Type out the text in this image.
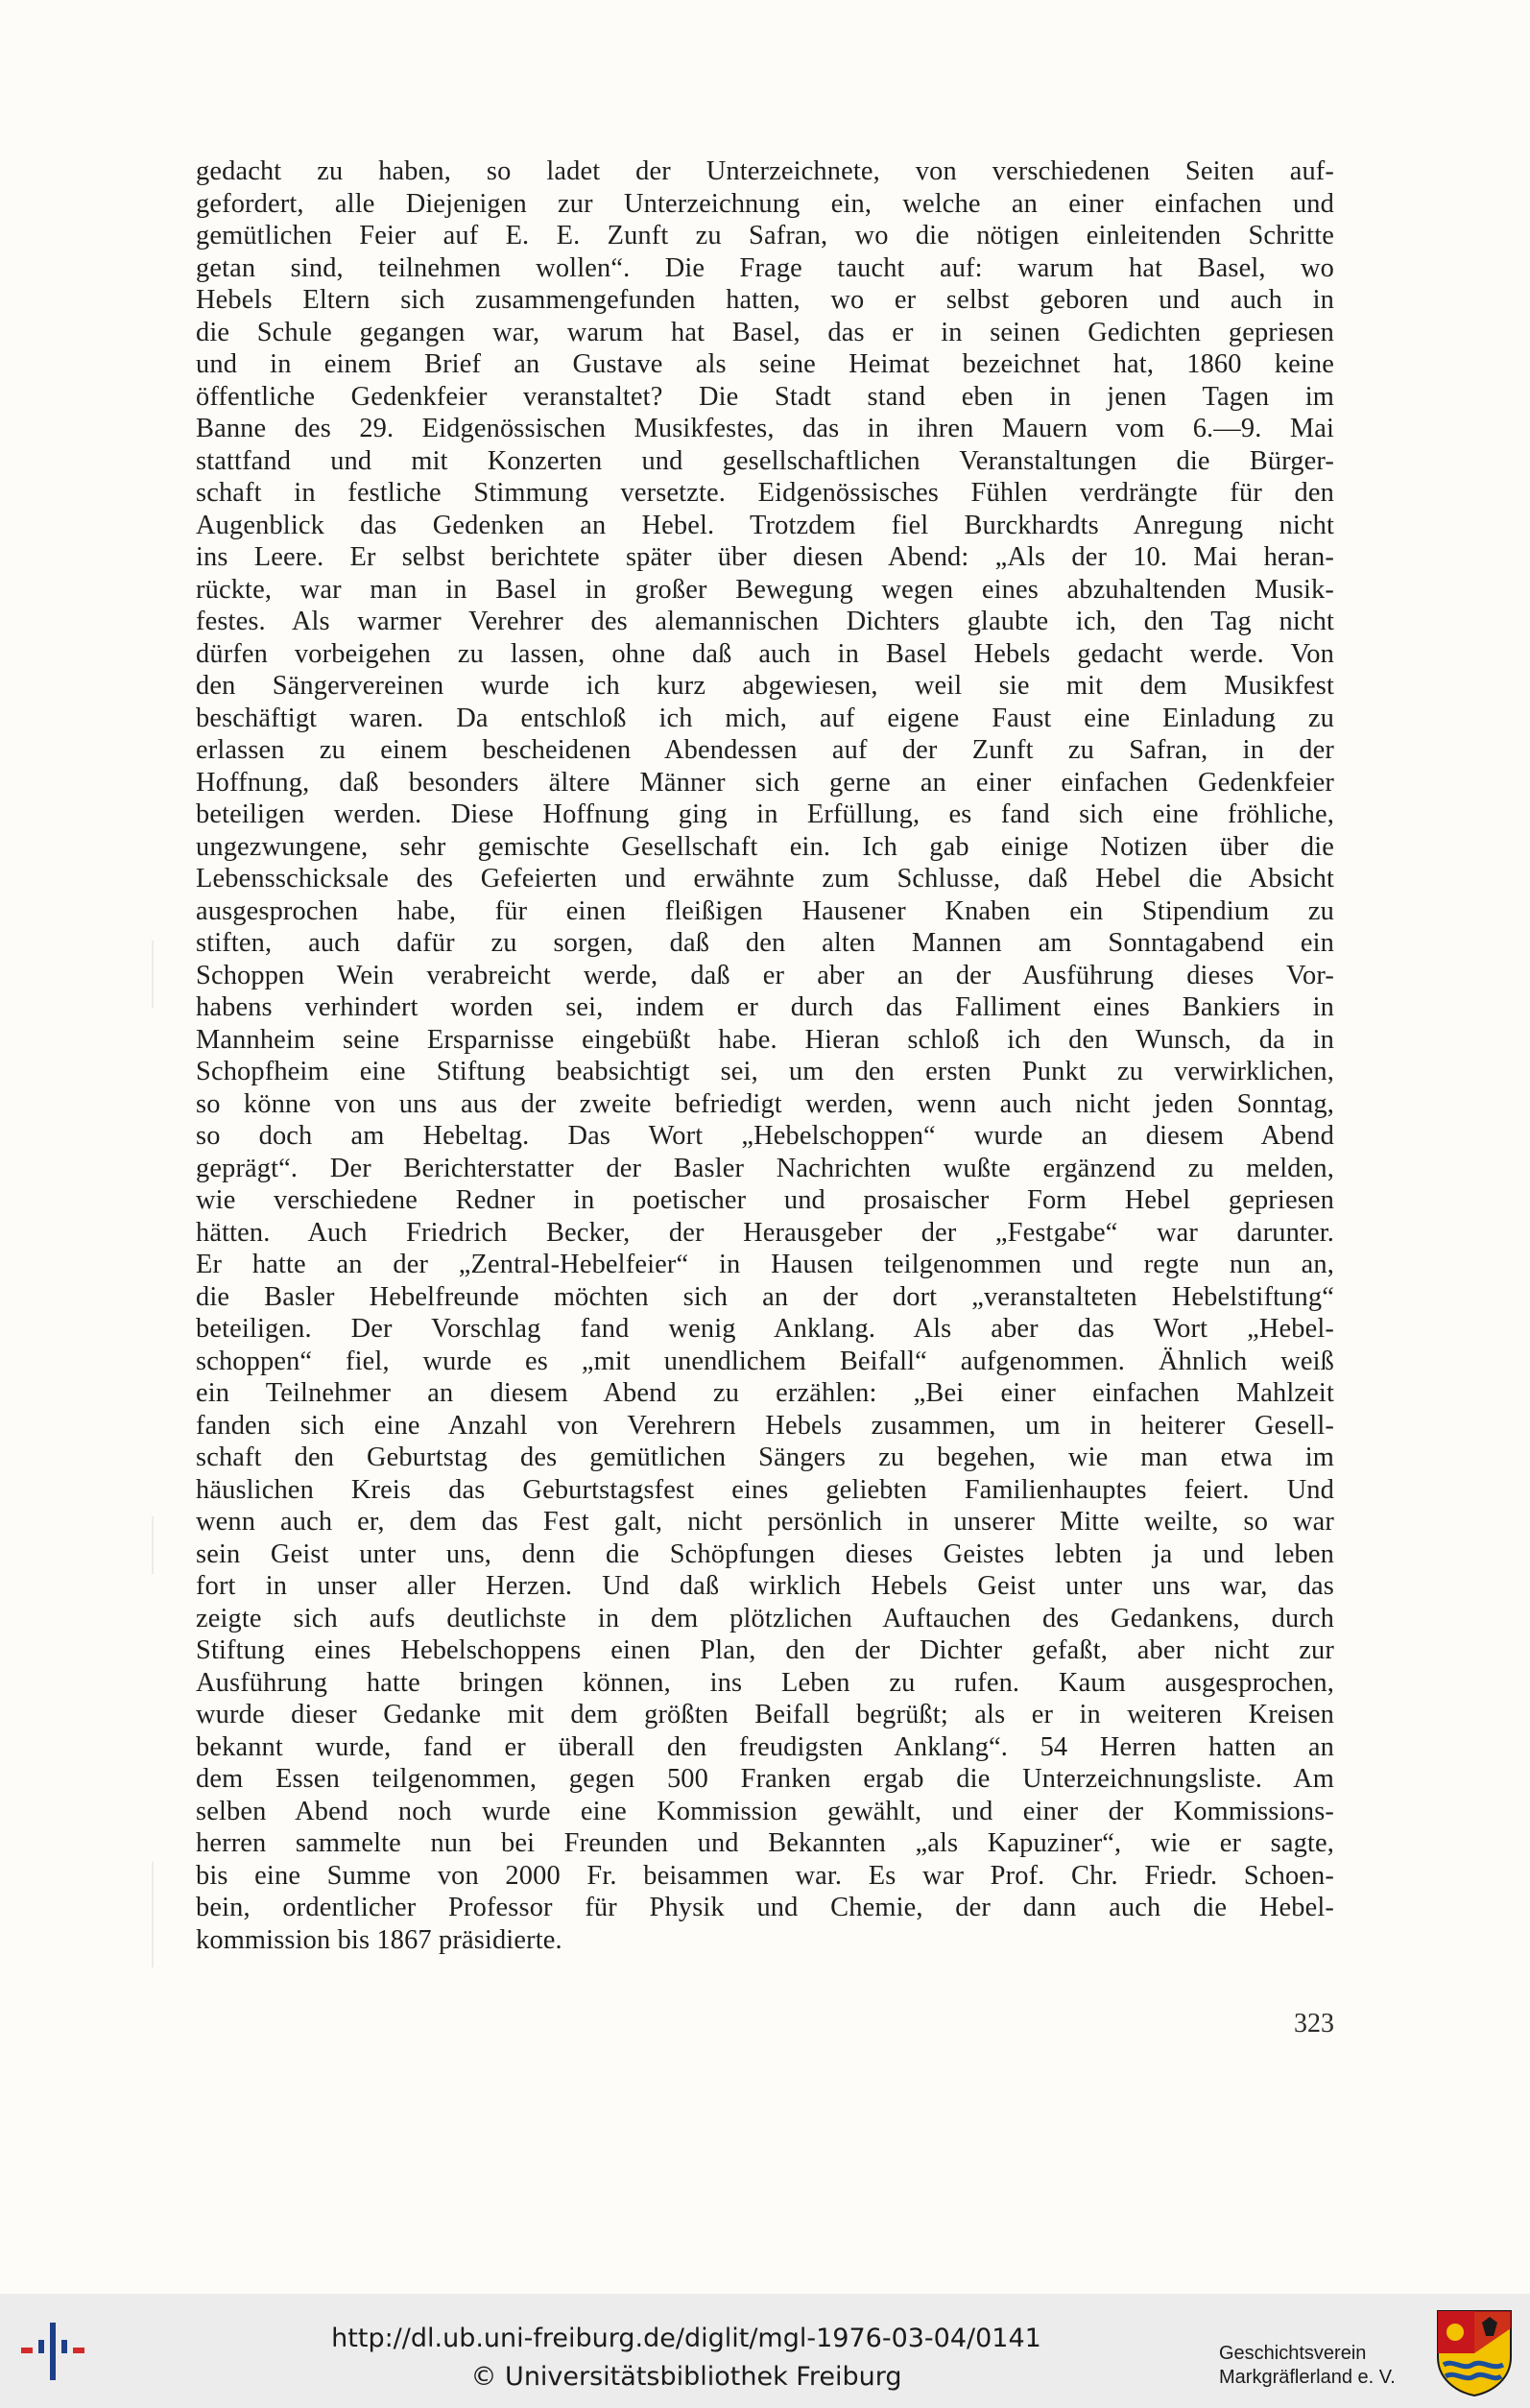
gedacht zu haben, so ladet der Unterzeichnete, von verschiedenen Seiten auf-
gefordert, alle Diejenigen zur Unterzeichnung ein, welche an einer einfachen und
gemütlichen Feier auf E. E. Zunft zu Safran, wo die nötigen einleitenden Schritte
getan sind, teilnehmen wollen“. Die Frage taucht auf: warum hat Basel, wo
Hebels Eltern sich zusammengefunden hatten, wo er selbst geboren und auch in
die Schule gegangen war, warum hat Basel, das er in seinen Gedichten gepriesen
und in einem Brief an Gustave als seine Heimat bezeichnet hat, 1860 keine
öffentliche Gedenkfeier veranstaltet? Die Stadt stand eben in jenen Tagen im
Banne des 29. Eidgenössischen Musikfestes, das in ihren Mauern vom 6.—9. Mai
stattfand und mit Konzerten und gesellschaftlichen Veranstaltungen die Bürger-
schaft in festliche Stimmung versetzte. Eidgenössisches Fühlen verdrängte für den
Augenblick das Gedenken an Hebel. Trotzdem fiel Burckhardts Anregung nicht
ins Leere. Er selbst berichtete später über diesen Abend: „Als der 10. Mai heran-
rückte, war man in Basel in großer Bewegung wegen eines abzuhaltenden Musik-
festes. Als warmer Verehrer des alemannischen Dichters glaubte ich, den Tag nicht
dürfen vorbeigehen zu lassen, ohne daß auch in Basel Hebels gedacht werde. Von
den Sängervereinen wurde ich kurz abgewiesen, weil sie mit dem Musikfest
beschäftigt waren. Da entschloß ich mich, auf eigene Faust eine Einladung zu
erlassen zu einem bescheidenen Abendessen auf der Zunft zu Safran, in der
Hoffnung, daß besonders ältere Männer sich gerne an einer einfachen Gedenkfeier
beteiligen werden. Diese Hoffnung ging in Erfüllung, es fand sich eine fröhliche,
ungezwungene, sehr gemischte Gesellschaft ein. Ich gab einige Notizen über die
Lebensschicksale des Gefeierten und erwähnte zum Schlusse, daß Hebel die Absicht
ausgesprochen habe, für einen fleißigen Hausener Knaben ein Stipendium zu
stiften, auch dafür zu sorgen, daß den alten Mannen am Sonntagabend ein
Schoppen Wein verabreicht werde, daß er aber an der Ausführung dieses Vor-
habens verhindert worden sei, indem er durch das Falliment eines Bankiers in
Mannheim seine Ersparnisse eingebüßt habe. Hieran schloß ich den Wunsch, da in
Schopfheim eine Stiftung beabsichtigt sei, um den ersten Punkt zu verwirklichen,
so könne von uns aus der zweite befriedigt werden, wenn auch nicht jeden Sonntag,
so doch am Hebeltag. Das Wort „Hebelschoppen“ wurde an diesem Abend
geprägt“. Der Berichterstatter der Basler Nachrichten wußte ergänzend zu melden,
wie verschiedene Redner in poetischer und prosaischer Form Hebel gepriesen
hätten. Auch Friedrich Becker, der Herausgeber der „Festgabe“ war darunter.
Er hatte an der „Zentral-Hebelfeier“ in Hausen teilgenommen und regte nun an,
die Basler Hebelfreunde möchten sich an der dort „veranstalteten Hebelstiftung“
beteiligen. Der Vorschlag fand wenig Anklang. Als aber das Wort „Hebel-
schoppen“ fiel, wurde es „mit unendlichem Beifall“ aufgenommen. Ähnlich weiß
ein Teilnehmer an diesem Abend zu erzählen: „Bei einer einfachen Mahlzeit
fanden sich eine Anzahl von Verehrern Hebels zusammen, um in heiterer Gesell-
schaft den Geburtstag des gemütlichen Sängers zu begehen, wie man etwa im
häuslichen Kreis das Geburtstagsfest eines geliebten Familienhauptes feiert. Und
wenn auch er, dem das Fest galt, nicht persönlich in unserer Mitte weilte, so war
sein Geist unter uns, denn die Schöpfungen dieses Geistes lebten ja und leben
fort in unser aller Herzen. Und daß wirklich Hebels Geist unter uns war, das
zeigte sich aufs deutlichste in dem plötzlichen Auftauchen des Gedankens, durch
Stiftung eines Hebelschoppens einen Plan, den der Dichter gefaßt, aber nicht zur
Ausführung hatte bringen können, ins Leben zu rufen. Kaum ausgesprochen,
wurde dieser Gedanke mit dem größten Beifall begrüßt; als er in weiteren Kreisen
bekannt wurde, fand er überall den freudigsten Anklang“. 54 Herren hatten an
dem Essen teilgenommen, gegen 500 Franken ergab die Unterzeichnungsliste. Am
selben Abend noch wurde eine Kommission gewählt, und einer der Kommissions-
herren sammelte nun bei Freunden und Bekannten „als Kapuziner“, wie er sagte,
bis eine Summe von 2000 Fr. beisammen war. Es war Prof. Chr. Friedr. Schoen-
bein, ordentlicher Professor für Physik und Chemie, der dann auch die Hebel-
kommission bis 1867 präsidierte.
323
http://dl.ub.uni-freiburg.de/diglit/mgl-1976-03-04/0141
© Universitätsbibliothek Freiburg
Geschichtsverein
Markgräflerland e. V.
